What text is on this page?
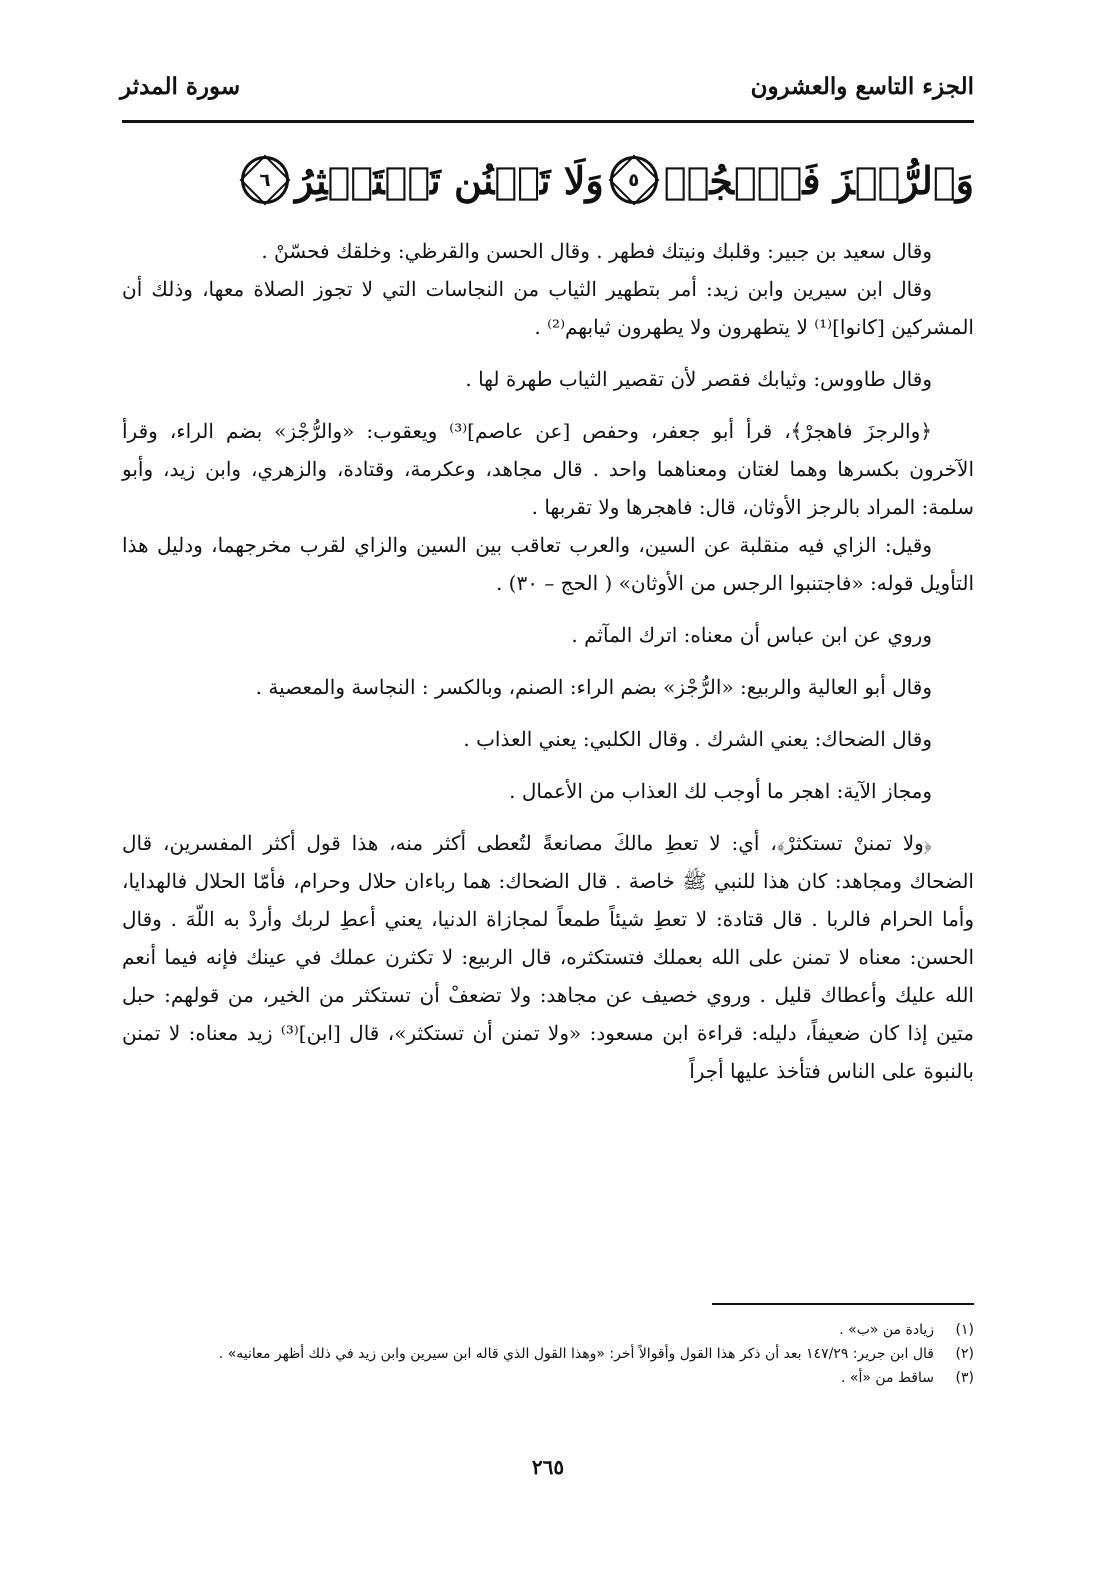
الجزء التاسع والعشرون
سورة المدثر
وَٱلرُّجۡزَ فَٱهۡجُرۡ
٥
وَلَا تَمۡنُن تَسۡتَكۡثِرُ
٦

وقال سعيد بن جبير: وقلبك ونيتك فطهر . وقال الحسن والقرظي: وخلقك فحسّنْ .

وقال ابن سيرين وابن زيد: أمر بتطهير الثياب من النجاسات التي لا تجوز الصلاة معها، وذلك أن المشركين [كانوا]⁽¹⁾ لا يتطهرون ولا يطهرون ثيابهم⁽²⁾ .

وقال طاووس: وثيابك فقصر لأن تقصير الثياب طهرة لها .

﴿والرجزَ فاهجرْ﴾، قرأ أبو جعفر، وحفص [عن عاصم]⁽³⁾ ويعقوب: «والرُّجْز» بضم الراء، وقرأ الآخرون بكسرها وهما لغتان ومعناهما واحد . قال مجاهد، وعكرمة، وقتادة، والزهري، وابن زيد، وأبو سلمة: المراد بالرجز الأوثان، قال: فاهجرها ولا تقربها .

وقيل: الزاي فيه منقلبة عن السين، والعرب تعاقب بين السين والزاي لقرب مخرجهما، ودليل هذا التأويل قوله: «فاجتنبوا الرجس من الأوثان» ( الحج – ٣٠) .

وروي عن ابن عباس أن معناه: اترك المآثم .

وقال أبو العالية والربيع: «الرُّجْز» بضم الراء: الصنم، وبالكسر : النجاسة والمعصية .

وقال الضحاك: يعني الشرك . وقال الكلبي: يعني العذاب .

ومجاز الآية: اهجر ما أوجب لك العذاب من الأعمال .

﴿ولا تمننْ تستكثرْ﴾، أي: لا تعطِ مالكَ مصانعةً لتُعطى أكثر منه، هذا قول أكثر المفسرين، قال الضحاك ومجاهد: كان هذا للنبي ﷺ خاصة . قال الضحاك: هما رباءان حلال وحرام، فأمّا الحلال فالهدايا، وأما الحرام فالربا . قال قتادة: لا تعطِ شيئاً طمعاً لمجازاة الدنيا، يعني أعطِ لربك وأردْ به اللّهَ . وقال الحسن: معناه لا تمنن على الله بعملك فتستكثره، قال الربيع: لا تكثرن عملك في عينك فإنه فيما أنعم الله عليك وأعطاك قليل . وروي خصيف عن مجاهد: ولا تضعفْ أن تستكثر من الخير، من قولهم: حبل متين إذا كان ضعيفاً، دليله: قراءة ابن مسعود: «ولا تمنن أن تستكثر»، قال [ابن]⁽³⁾ زيد معناه: لا تمنن بالنبوة على الناس فتأخذ عليها أجراً

(١)
زيادة من «ب» .
(٢)
قال ابن جرير: ١٤٧/٢٩ بعد أن ذكر هذا القول وأقوالاً أخر: «وهذا القول الذي قاله ابن سيرين وابن زيد في ذلك أظهر معانيه» .
(٣)
ساقط من «أ» .
٢٦٥
